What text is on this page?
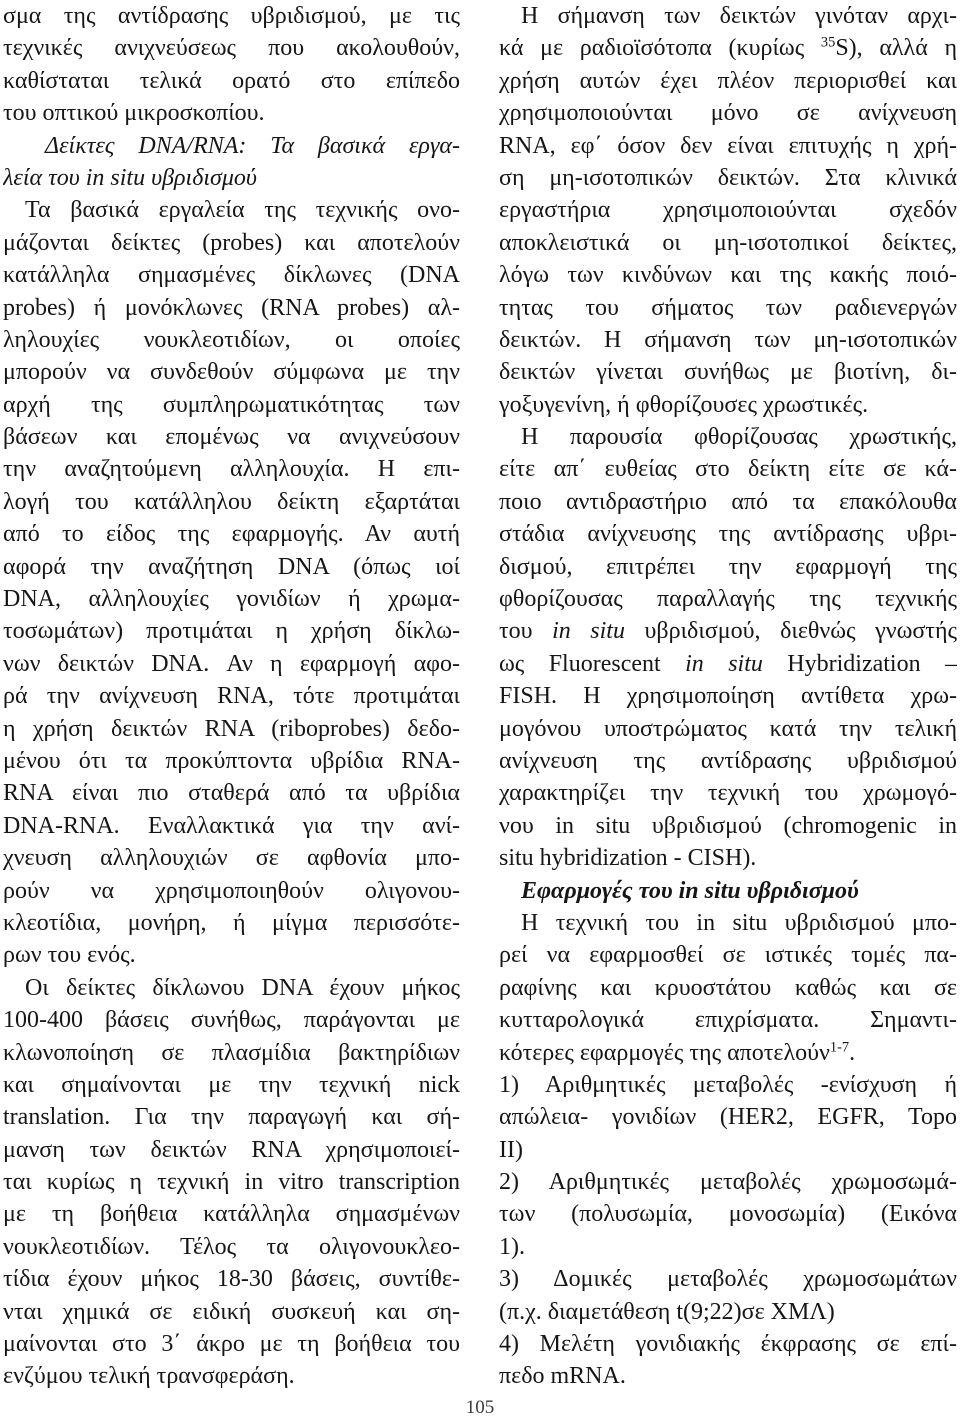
σμα της αντίδρασης υβριδισμού, με τις
τεχνικές ανιχνεύσεως που ακολουθούν,
καθίσταται τελικά ορατό στο επίπεδο
του οπτικού μικροσκοπίου.
Δείκτες DNA/RNA: Τα βασικά εργα-
λεία του in situ υβριδισμού
Τα βασικά εργαλεία της τεχνικής ονο-
μάζονται δείκτες (probes) και αποτελούν
κατάλληλα σημασμένες δίκλωνες (DNA
probes) ή μονόκλωνες (RNA probes) αλ-
ληλουχίες νουκλεοτιδίων, οι οποίες
μπορούν να συνδεθούν σύμφωνα με την
αρχή της συμπληρωματικότητας των
βάσεων και επομένως να ανιχνεύσουν
την αναζητούμενη αλληλουχία. Η επι-
λογή του κατάλληλου δείκτη εξαρτάται
από το είδος της εφαρμογής. Αν αυτή
αφορά την αναζήτηση DNA (όπως ιοί
DNA, αλληλουχίες γονιδίων ή χρωμα-
τοσωμάτων) προτιμάται η χρήση δίκλω-
νων δεικτών DNA. Αν η εφαρμογή αφο-
ρά την ανίχνευση RNA, τότε προτιμάται
η χρήση δεικτών RNA (riboprobes) δεδο-
μένου ότι τα προκύπτοντα υβρίδια RNA-
RNA είναι πιο σταθερά από τα υβρίδια
DNA-RNA. Εναλλακτικά για την ανί-
χνευση αλληλουχιών σε αφθονία μπο-
ρούν να χρησιμοποιηθούν ολιγονου-
κλεοτίδια, μονήρη, ή μίγμα περισσότε-
ρων του ενός.
Οι δείκτες δίκλωνου DNA έχουν μήκος
100-400 βάσεις συνήθως, παράγονται με
κλωνοποίηση σε πλασμίδια βακτηρίδιων
και σημαίνονται με την τεχνική nick
translation. Για την παραγωγή και σή-
μανση των δεικτών RNA χρησιμοποιεί-
ται κυρίως η τεχνική in vitro transcription
με τη βοήθεια κατάλληλα σημασμένων
νουκλεοτιδίων. Τέλος τα ολιγονουκλεο-
τίδια έχουν μήκος 18-30 βάσεις, συντίθε-
νται χημικά σε ειδική συσκευή και ση-
μαίνονται στο 3΄ άκρο με τη βοήθεια του
ενζύμου τελική τρανσφεράση.
Η σήμανση των δεικτών γινόταν αρχι-
κά με ραδιοϊσότοπα (κυρίως $^{35}$S), αλλά η
χρήση αυτών έχει πλέον περιορισθεί και
χρησιμοποιούνται μόνο σε ανίχνευση
RNA, εφ΄ όσον δεν είναι επιτυχής η χρή-
ση μη-ισοτοπικών δεικτών. Στα κλινικά
εργαστήρια χρησιμοποιούνται σχεδόν
αποκλειστικά οι μη-ισοτοπικοί δείκτες,
λόγω των κινδύνων και της κακής ποιό-
τητας του σήματος των ραδιενεργών
δεικτών. Η σήμανση των μη-ισοτοπικών
δεικτών γίνεται συνήθως με βιοτίνη, δι-
γοξυγενίνη, ή φθορίζουσες χρωστικές.
Η παρουσία φθορίζουσας χρωστικής,
είτε απ΄ ευθείας στο δείκτη είτε σε κά-
ποιο αντιδραστήριο από τα επακόλουθα
στάδια ανίχνευσης της αντίδρασης υβρι-
δισμού, επιτρέπει την εφαρμογή της
φθορίζουσας παραλλαγής της τεχνικής
του in situ υβριδισμού, διεθνώς γνωστής
ως Fluorescent in situ Hybridization –
FISH. Η χρησιμοποίηση αντίθετα χρω-
μογόνου υποστρώματος κατά την τελική
ανίχνευση της αντίδρασης υβριδισμού
χαρακτηρίζει την τεχνική του χρωμογό-
νου in situ υβριδισμού (chromogenic in
situ hybridization - CISH).
Εφαρμογές του in situ υβριδισμού
Η τεχνική του in situ υβριδισμού μπο-
ρεί να εφαρμοσθεί σε ιστικές τομές πα-
ραφίνης και κρυοστάτου καθώς και σε
κυτταρολογικά επιχρίσματα. Σημαντι-
κότερες εφαρμογές της αποτελούν$^{1-7}$.
1) Αριθμητικές μεταβολές -ενίσχυση ή
απώλεια- γονιδίων (HER2, EGFR, Topo
II)
2) Αριθμητικές μεταβολές χρωμοσωμά-
των (πολυσωμία, μονοσωμία) (Εικόνα
1).
3) Δομικές μεταβολές χρωμοσωμάτων
(π.χ. διαμετάθεση t(9;22)σε ΧΜΛ)
4) Μελέτη γονιδιακής έκφρασης σε επί-
πεδο mRNA.
105
